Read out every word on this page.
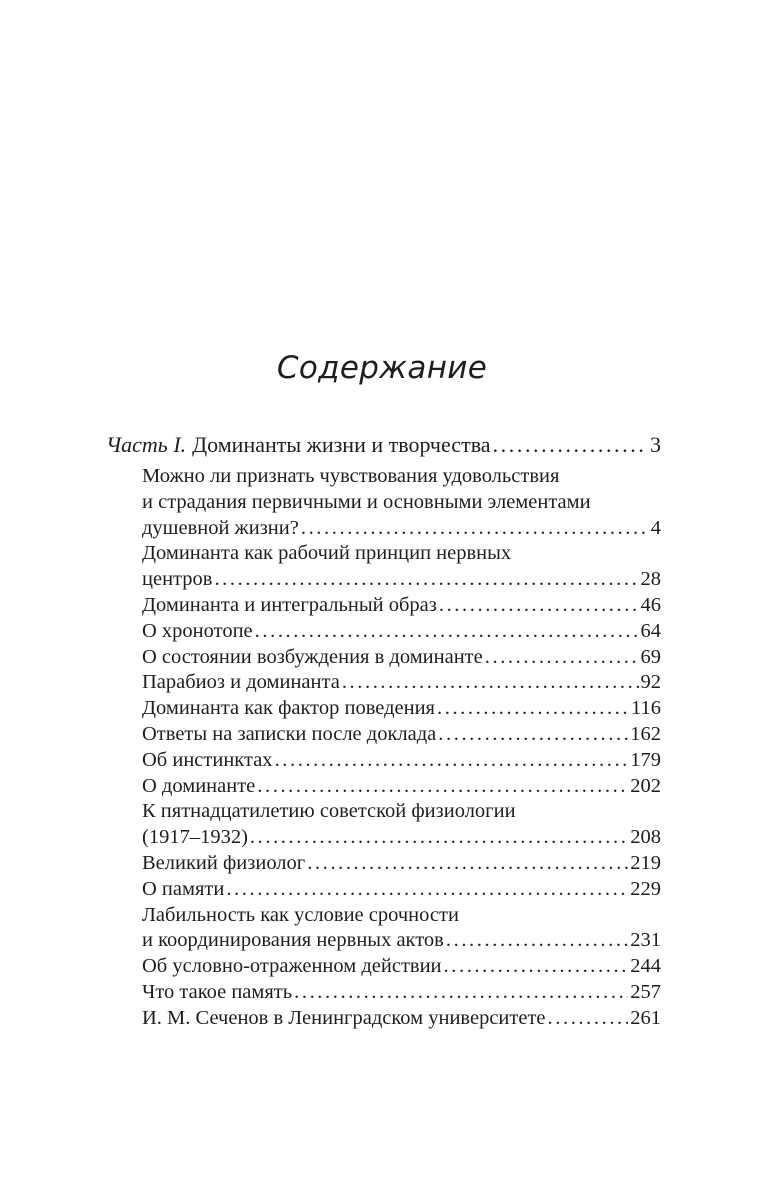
Содержание
Часть I. Доминанты жизни и творчества .....	3
Можно ли признать чувствования удовольствия
и страдания первичными и основными элементами
душевной жизни? .....	4
Доминанта как рабочий принцип нервных
центров .....	28
Доминанта и интегральный образ .....	46
О хронотопе .....	64
О состоянии возбуждения в доминанте .....	69
Парабиоз и доминанта .....	92
Доминанта как фактор поведения .....	116
Ответы на записки после доклада .....	162
Об инстинктах .....	179
О доминанте .....	202
К пятнадцатилетию советской физиологии
(1917–1932) .....	208
Великий физиолог .....	219
О памяти .....	229
Лабильность как условие срочности
и координирования нервных актов .....	231
Об условно-отраженном действии .....	244
Что такое память .....	257
И. М. Сеченов в Ленинградском университете .....	261
